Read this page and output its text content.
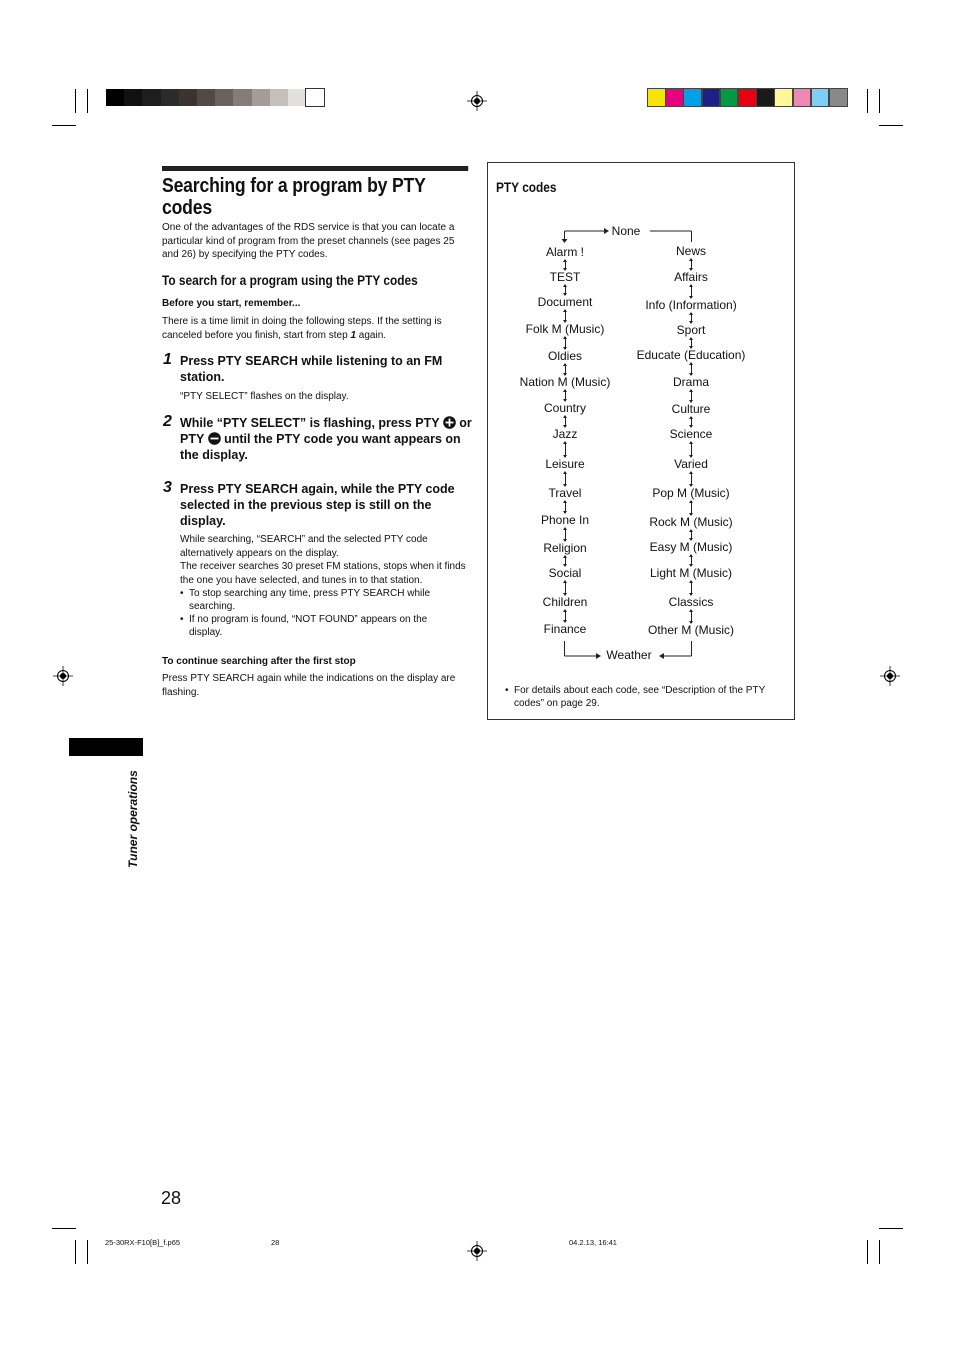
Searching for a program by PTY codes
One of the advantages of the RDS service is that you can locate a particular kind of program from the preset channels (see pages 25 and 26) by specifying the PTY codes.
To search for a program using the PTY codes
Before you start, remember...
There is a time limit in doing the following steps. If the setting is canceled before you finish, start from step 1 again.
1 Press PTY SEARCH while listening to an FM station.
“PTY SELECT” flashes on the display.
2 While “PTY SELECT” is flashing, press PTY or PTY until the PTY code you want appears on the display.
3 Press PTY SEARCH again, while the PTY code selected in the previous step is still on the display.
While searching, “SEARCH” and the selected PTY code alternatively appears on the display.
The receiver searches 30 preset FM stations, stops when it finds the one you have selected, and tunes in to that station.
• To stop searching any time, press PTY SEARCH while searching.
• If no program is found, “NOT FOUND” appears on the display.
To continue searching after the first stop
Press PTY SEARCH again while the indications on the display are flashing.
PTY codes
None
Weather
Alarm !
TEST
Document
Folk M (Music)
Oldies
Nation M (Music)
Country
Jazz
Leisure
Travel
Phone In
Religion
Social
Children
Finance
News
Affairs
Info (Information)
Sport
Educate (Education)
Drama
Culture
Science
Varied
Pop M (Music)
Rock M (Music)
Easy M (Music)
Light M (Music)
Classics
Other M (Music)
• For details about each code, see “Description of the PTY codes” on page 29.
Tuner operations
28
25-30RX-F10[B]_f.p65	28	04.2.13, 16:41
